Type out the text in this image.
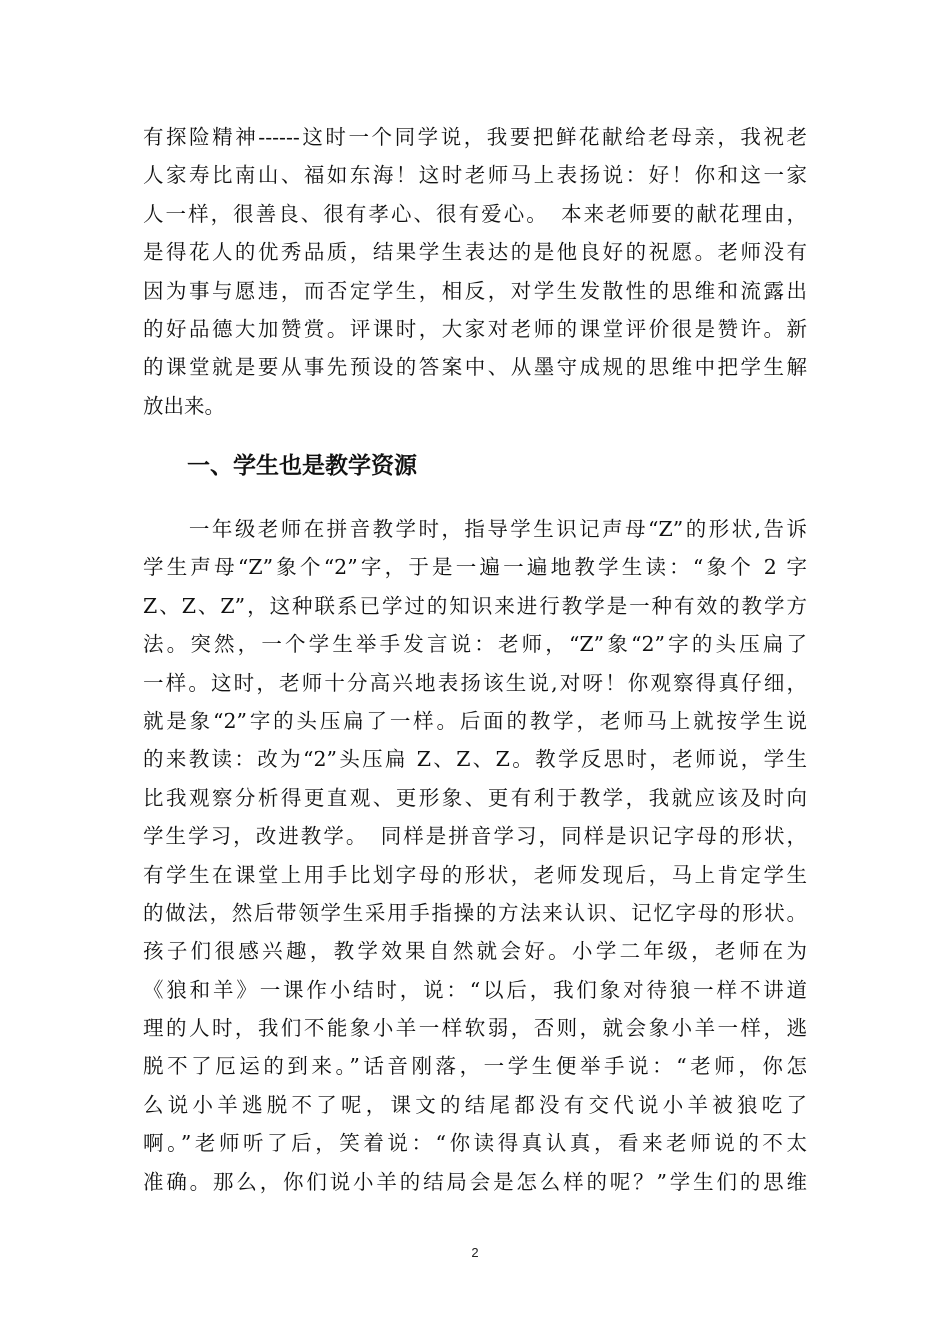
有探险精神------这时一个同学说，我要把鲜花献给老母亲，我祝老
人家寿比南山、福如东海！这时老师马上表扬说：好！你和这一家
人一样，很善良、很有孝心、很有爱心。　本来老师要的献花理由，
是得花人的优秀品质，结果学生表达的是他良好的祝愿。老师没有
因为事与愿违，而否定学生，相反，对学生发散性的思维和流露出
的好品德大加赞赏。评课时，大家对老师的课堂评价很是赞许。新
的课堂就是要从事先预设的答案中、从墨守成规的思维中把学生解
放出来。
一、学生也是教学资源
　　一年级老师在拼音教学时，指导学生识记声母“Z”的形状,告诉
学生声母“Z”象个“2”字，于是一遍一遍地教学生读：“象个 2 字
Z、Z、Z”，这种联系已学过的知识来进行教学是一种有效的教学方
法。突然，一个学生举手发言说：老师，“Z”象“2”字的头压扁了
一样。这时，老师十分高兴地表扬该生说,对呀！你观察得真仔细，
就是象“2”字的头压扁了一样。后面的教学，老师马上就按学生说
的来教读：改为“2”头压扁 Z、Z、Z。教学反思时，老师说，学生
比我观察分析得更直观、更形象、更有利于教学，我就应该及时向
学生学习，改进教学。　同样是拼音学习，同样是识记字母的形状，
有学生在课堂上用手比划字母的形状，老师发现后，马上肯定学生
的做法，然后带领学生采用手指操的方法来认识、记忆字母的形状。
孩子们很感兴趣，教学效果自然就会好。小学二年级，老师在为
《狼和羊》一课作小结时，说：“以后，我们象对待狼一样不讲道
理的人时，我们不能象小羊一样软弱，否则，就会象小羊一样，逃
脱不了厄运的到来。”话音刚落，一学生便举手说：“老师，你怎
么说小羊逃脱不了呢，课文的结尾都没有交代说小羊被狼吃了
啊。”老师听了后，笑着说：“你读得真认真，看来老师说的不太
准确。那么，你们说小羊的结局会是怎么样的呢？”学生们的思维
2
